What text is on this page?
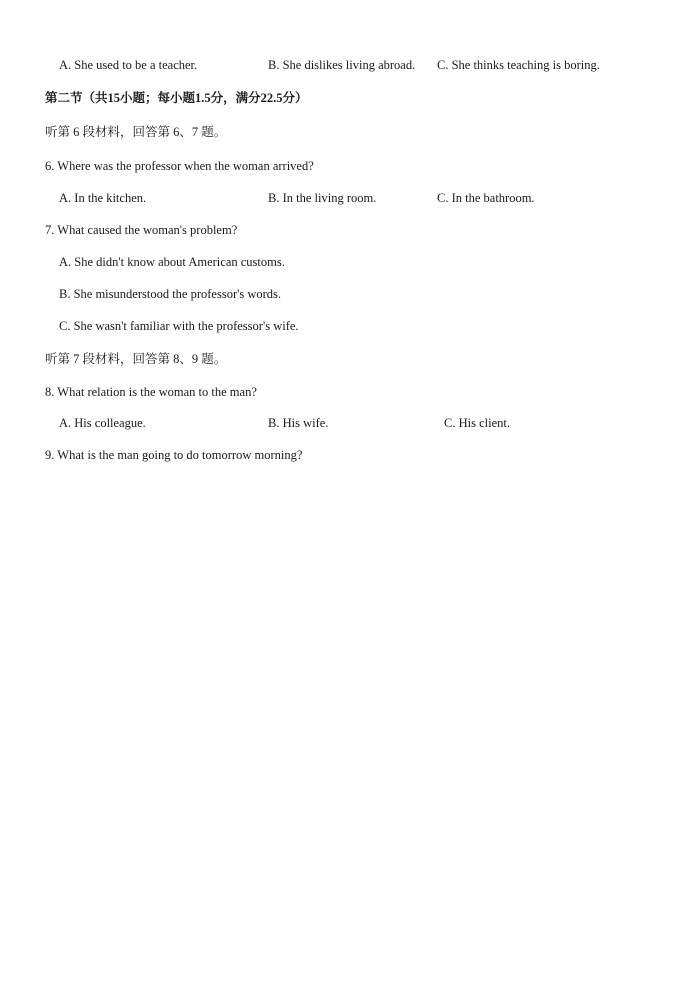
A. She used to be a teacher.	B. She dislikes living abroad. C. She thinks teaching is boring.
第二节（共15小题；每小题1.5分，满分22.5分）
听第 6 段材料，回答第 6、7 题。
6. Where was the professor when the woman arrived?
A. In the kitchen.	B. In the living room.	C. In the bathroom.
7. What caused the woman's problem?
A. She didn't know about American customs.
B. She misunderstood the professor's words.
C. She wasn't familiar with the professor's wife.
听第 7 段材料，回答第 8、9 题。
8. What relation is the woman to the man?
A. His colleague.	B. His wife.	C. His client.
9. What is the man going to do tomorrow morning?
